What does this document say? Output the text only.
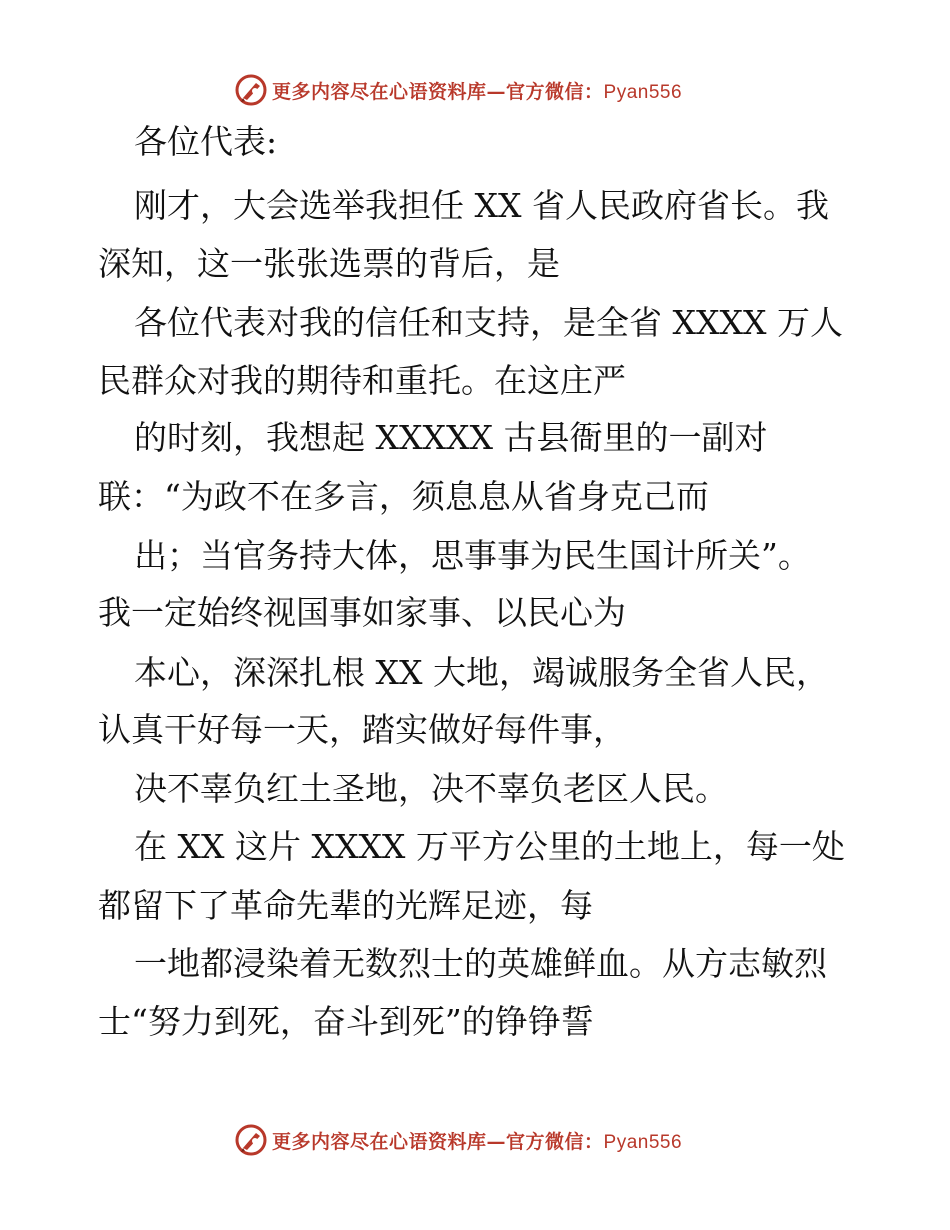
更多内容尽在心语资料库—官方微信：Pyan556
各位代表:
刚才，大会选举我担任 XX 省人民政府省长。我
深知，这一张张选票的背后，是
各位代表对我的信任和支持，是全省 XXXX 万人
民群众对我的期待和重托。在这庄严
的时刻，我想起 XXXXX 古县衙里的一副对
联：“为政不在多言，须息息从省身克己而
出；当官务持大体，思事事为民生国计所关”。
我一定始终视国事如家事、以民心为
本心，深深扎根 XX 大地，竭诚服务全省人民，
认真干好每一天，踏实做好每件事，
决不辜负红土圣地，决不辜负老区人民。
在 XX 这片 XXXX 万平方公里的土地上，每一处
都留下了革命先辈的光辉足迹，每
一地都浸染着无数烈士的英雄鲜血。从方志敏烈
士“努力到死，奋斗到死”的铮铮誓
更多内容尽在心语资料库—官方微信：Pyan556
